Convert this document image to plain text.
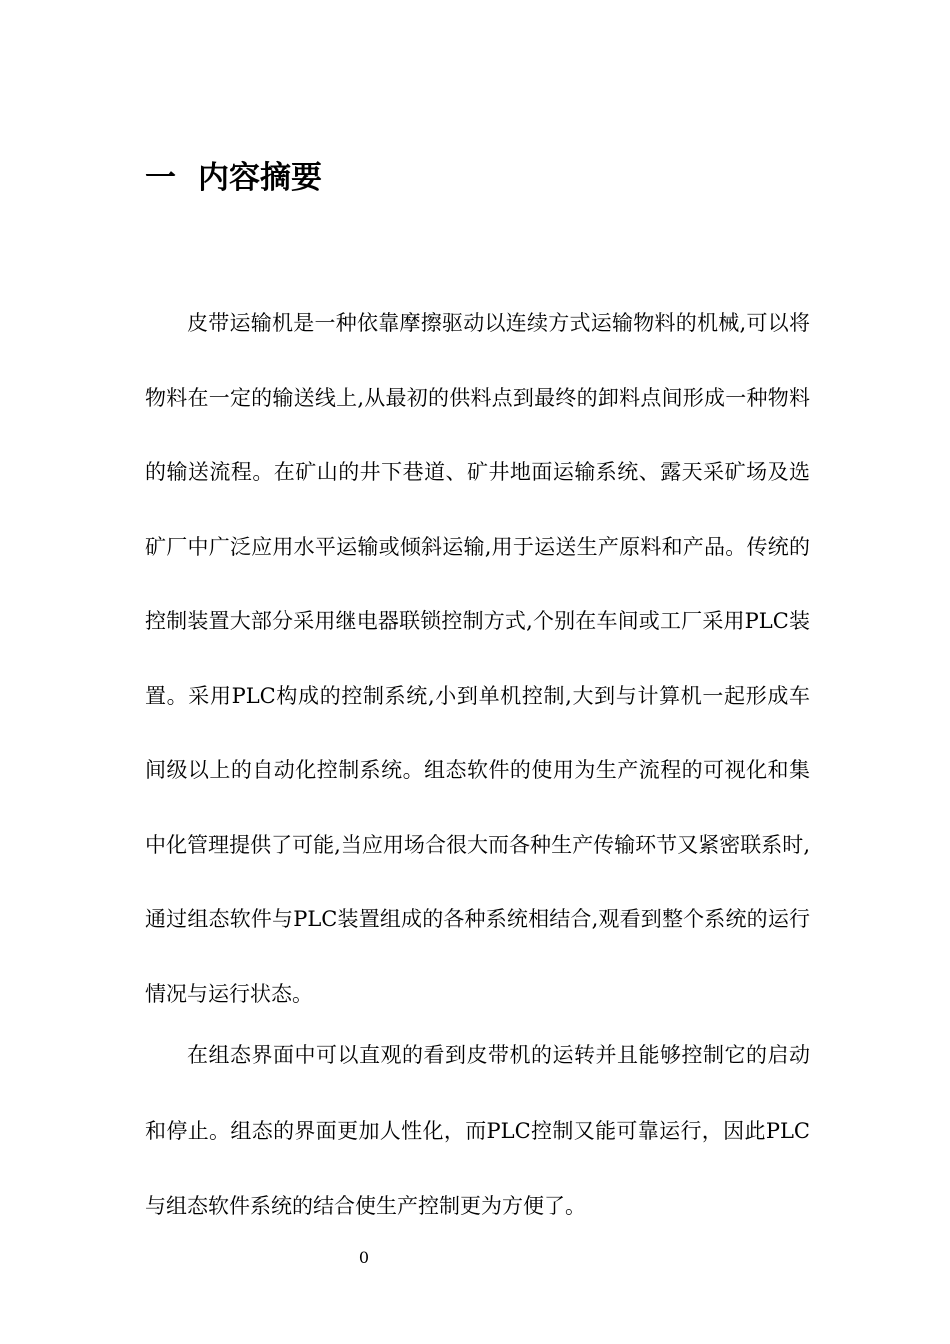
一 内容摘要

皮带运输机是一种依靠摩擦驱动以连续方式运输物料的机械,可以将物料在一定的输送线上,从最初的供料点到最终的卸料点间形成一种物料的输送流程。在矿山的井下巷道、矿井地面运输系统、露天采矿场及选矿厂中广泛应用水平运输或倾斜运输,用于运送生产原料和产品。传统的控制装置大部分采用继电器联锁控制方式,个别在车间或工厂采用PLC装置。采用PLC构成的控制系统,小到单机控制,大到与计算机一起形成车间级以上的自动化控制系统。组态软件的使用为生产流程的可视化和集中化管理提供了可能,当应用场合很大而各种生产传输环节又紧密联系时,通过组态软件与PLC装置组成的各种系统相结合,观看到整个系统的运行情况与运行状态。

在组态界面中可以直观的看到皮带机的运转并且能够控制它的启动和停止。组态的界面更加人性化，而PLC控制又能可靠运行，因此PLC与组态软件系统的结合使生产控制更为方便了。

0
